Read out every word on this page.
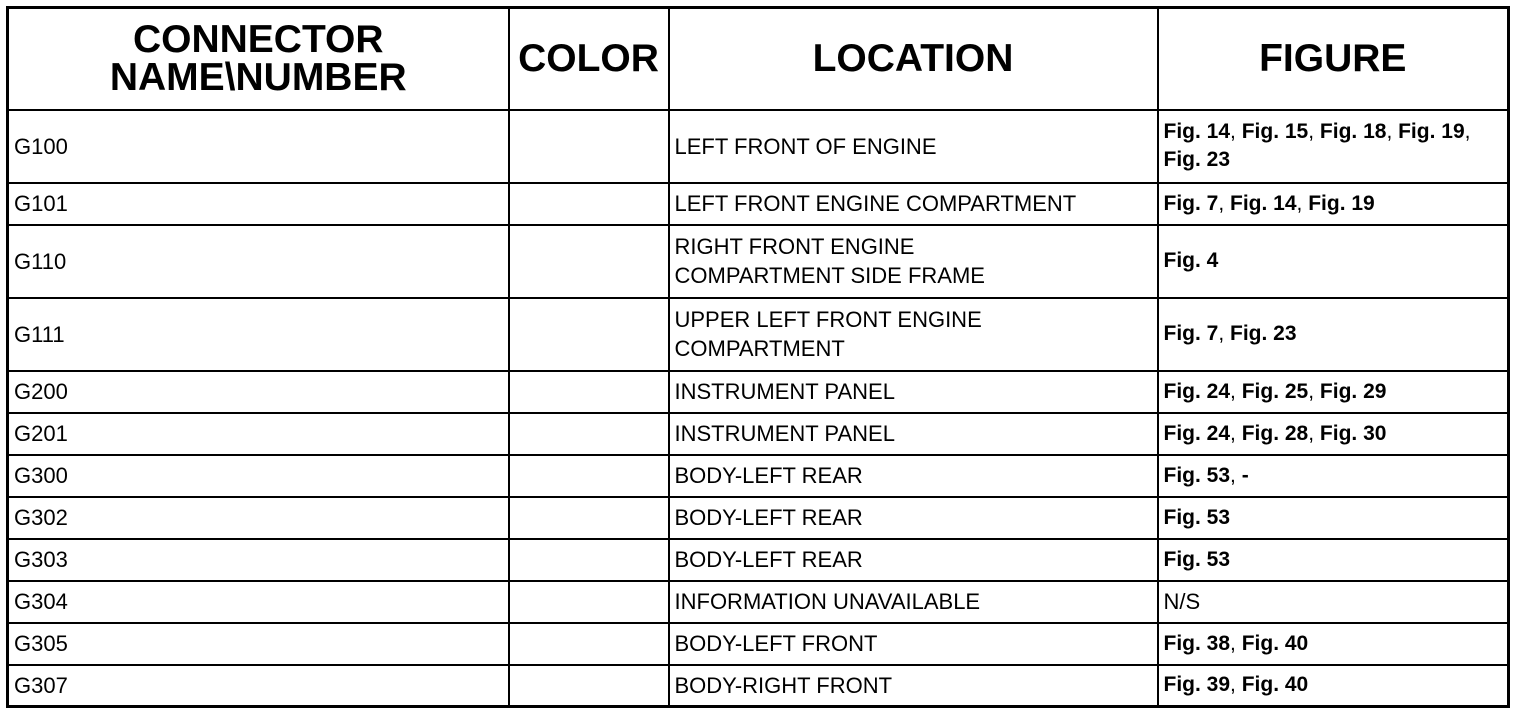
CONNECTOR
NAME\NUMBER	COLOR	LOCATION	FIGURE
G100		LEFT FRONT OF ENGINE	Fig. 14, Fig. 15, Fig. 18, Fig. 19, Fig. 23
G101		LEFT FRONT ENGINE COMPARTMENT	Fig. 7, Fig. 14, Fig. 19
G110		RIGHT FRONT ENGINE COMPARTMENT SIDE FRAME	Fig. 4
G111		UPPER LEFT FRONT ENGINE COMPARTMENT	Fig. 7, Fig. 23
G200		INSTRUMENT PANEL	Fig. 24, Fig. 25, Fig. 29
G201		INSTRUMENT PANEL	Fig. 24, Fig. 28, Fig. 30
G300		BODY-LEFT REAR	Fig. 53, -
G302		BODY-LEFT REAR	Fig. 53
G303		BODY-LEFT REAR	Fig. 53
G304		INFORMATION UNAVAILABLE	N/S
G305		BODY-LEFT FRONT	Fig. 38, Fig. 40
G307		BODY-RIGHT FRONT	Fig. 39, Fig. 40
